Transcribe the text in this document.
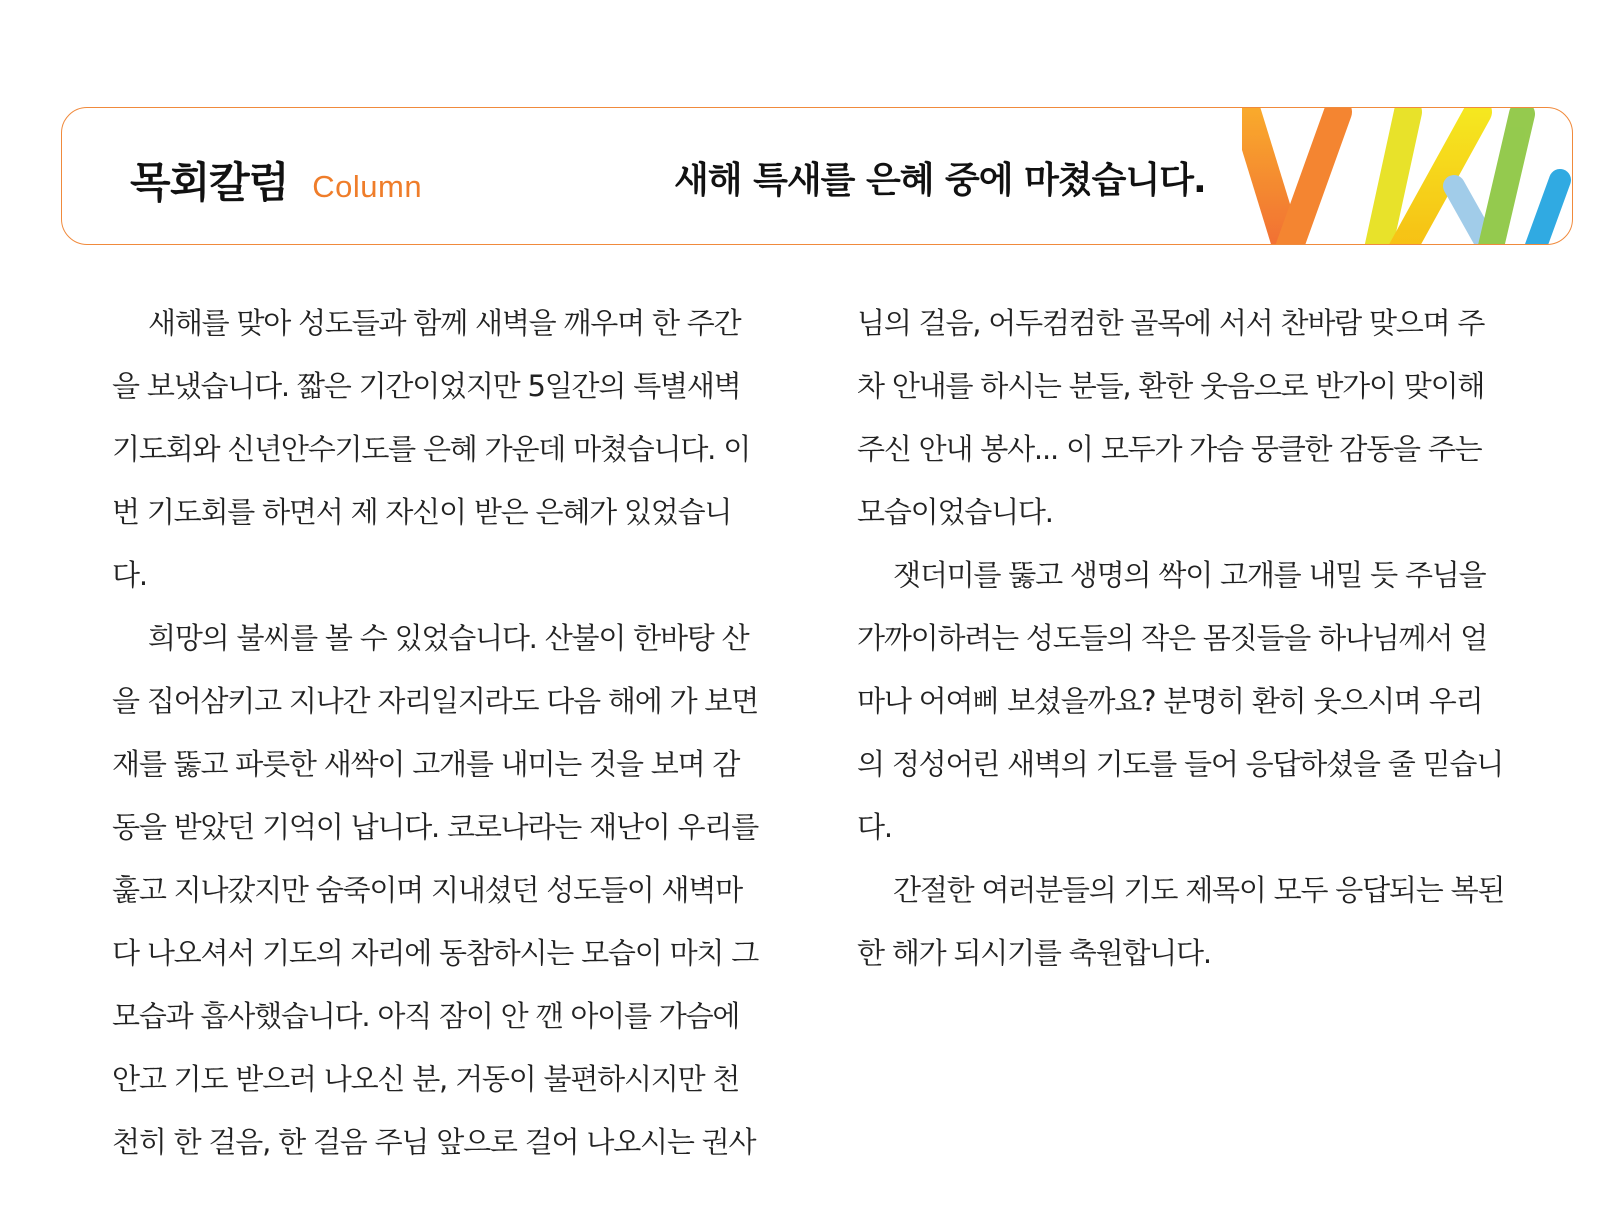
목회칼럼 Column	새해 특새를 은혜 중에 마쳤습니다.
새해를 맞아 성도들과 함께 새벽을 깨우며 한 주간
을 보냈습니다. 짧은 기간이었지만 5일간의 특별새벽
기도회와 신년안수기도를 은혜 가운데 마쳤습니다. 이
번 기도회를 하면서 제 자신이 받은 은혜가 있었습니
다.
희망의 불씨를 볼 수 있었습니다. 산불이 한바탕 산
을 집어삼키고 지나간 자리일지라도 다음 해에 가 보면
재를 뚫고 파릇한 새싹이 고개를 내미는 것을 보며 감
동을 받았던 기억이 납니다. 코로나라는 재난이 우리를
훑고 지나갔지만 숨죽이며 지내셨던 성도들이 새벽마
다 나오셔서 기도의 자리에 동참하시는 모습이 마치 그
모습과 흡사했습니다. 아직 잠이 안 깬 아이를 가슴에
안고 기도 받으러 나오신 분, 거동이 불편하시지만 천
천히 한 걸음, 한 걸음 주님 앞으로 걸어 나오시는 권사
님의 걸음, 어두컴컴한 골목에 서서 찬바람 맞으며 주
차 안내를 하시는 분들, 환한 웃음으로 반가이 맞이해
주신 안내 봉사... 이 모두가 가슴 뭉클한 감동을 주는
모습이었습니다.
잿더미를 뚫고 생명의 싹이 고개를 내밀 듯 주님을
가까이하려는 성도들의 작은 몸짓들을 하나님께서 얼
마나 어여삐 보셨을까요? 분명히 환히 웃으시며 우리
의 정성어린 새벽의 기도를 들어 응답하셨을 줄 믿습니
다.
간절한 여러분들의 기도 제목이 모두 응답되는 복된
한 해가 되시기를 축원합니다.
